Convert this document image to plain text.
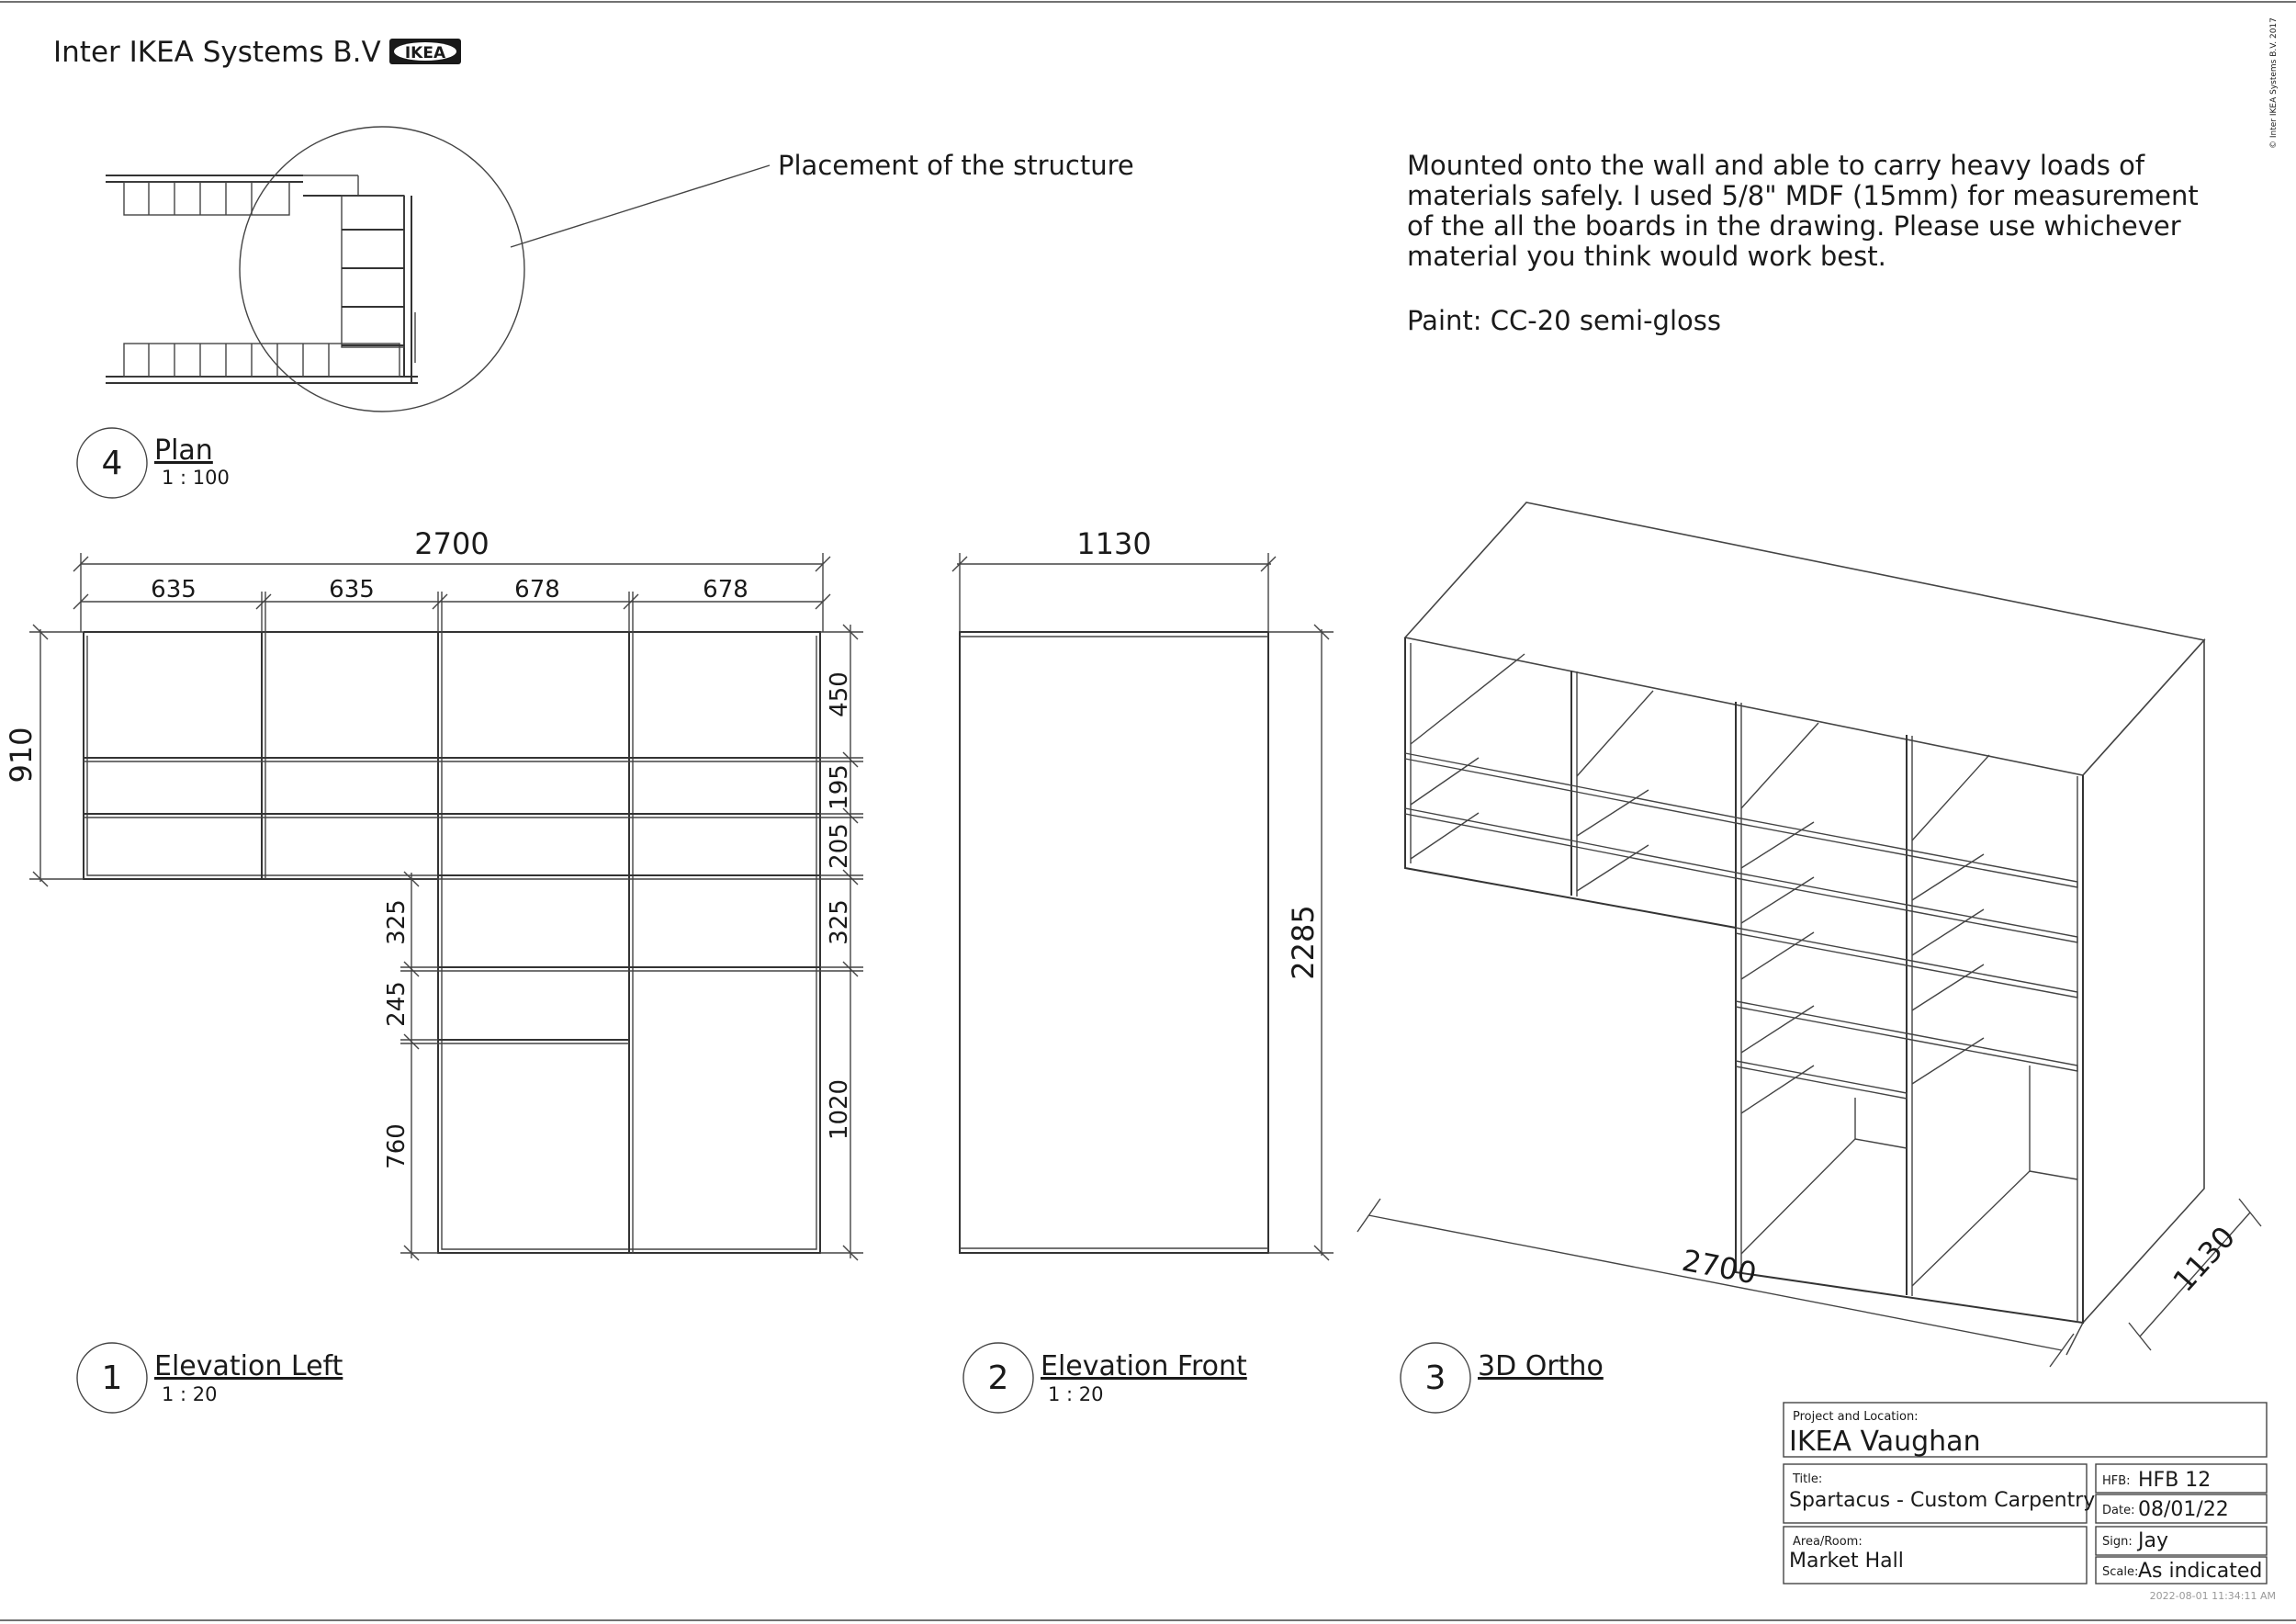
Inter IKEA Systems B.V IKEA	© Inter IKEA Systems B.V. 2017
Placement of the structure	Mounted onto the wall and able to carry heavy loads of
materials safely. I used 5/8" MDF (15mm) for measurement
of the all the boards in the drawing. Please use whichever
material you think would work best.
Paint: CC-20 semi-gloss
4 Plan
1 : 100
1 Elevation Left
1 : 20	2 Elevation Front
1 : 20	3 3D Ortho
2700
635	635	678	678
910
450
195
205
325
1020
325
245
760
1130
2285
2700	1130
Project and Location:
IKEA Vaughan
Title:
Spartacus - Custom Carpentry
Area/Room:
Market Hall
HFB: HFB 12
Date: 08/01/22
Sign: Jay
Scale: As indicated
2022-08-01 11:34:11 AM
